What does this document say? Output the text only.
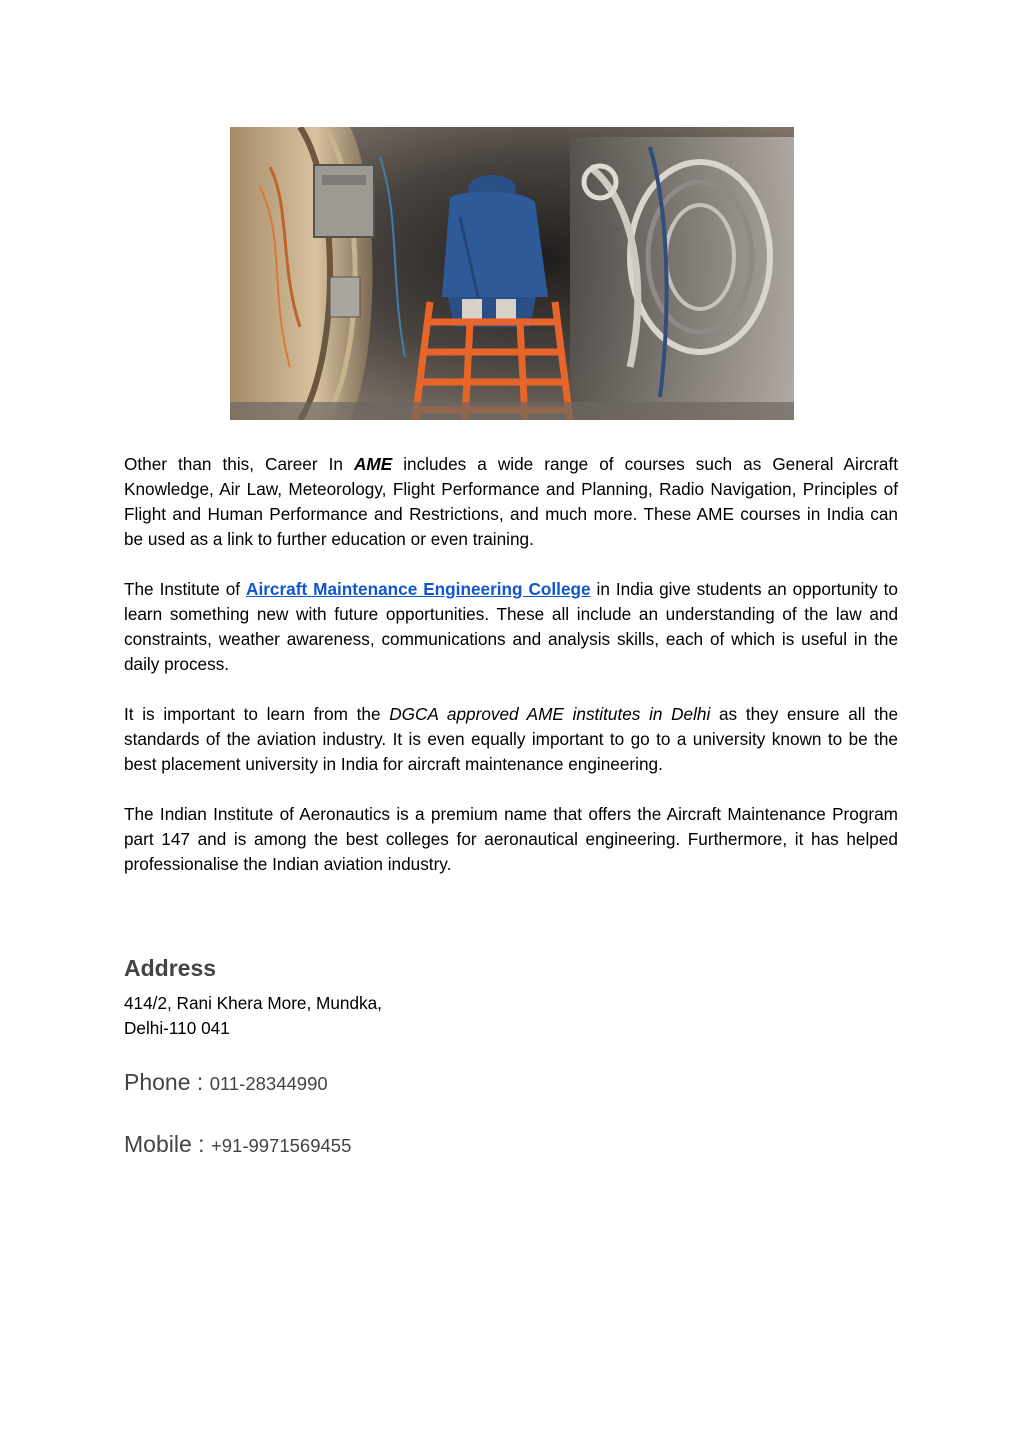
Other than this, Career In AME includes a wide range of courses such as General Aircraft Knowledge, Air Law, Meteorology, Flight Performance and Planning, Radio Navigation, Principles of Flight and Human Performance and Restrictions, and much more. These AME courses in India can be used as a link to further education or even training.

The Institute of Aircraft Maintenance Engineering College in India give students an opportunity to learn something new with future opportunities. These all include an understanding of the law and constraints, weather awareness, communications and analysis skills, each of which is useful in the daily process.

It is important to learn from the DGCA approved AME institutes in Delhi as they ensure all the standards of the aviation industry. It is even equally important to go to a university known to be the best placement university in India for aircraft maintenance engineering.

The Indian Institute of Aeronautics is a premium name that offers the Aircraft Maintenance Program part 147 and is among the best colleges for aeronautical engineering. Furthermore, it has helped professionalise the Indian aviation industry.

Address

414/2, Rani Khera More, Mundka,

Delhi-110 041

Phone : 011-28344990

Mobile : +91-9971569455
